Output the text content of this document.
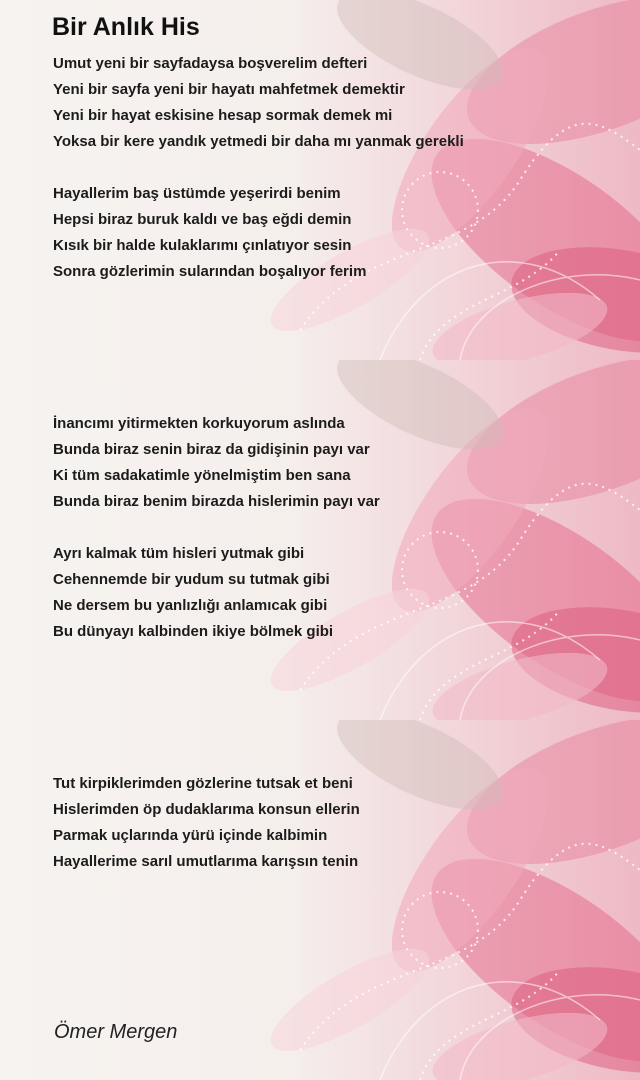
Bir Anlık His
Umut yeni bir sayfadaysa boşverelim defteri
Yeni bir sayfa yeni bir hayatı mahfetmek demektir
Yeni bir hayat eskisine hesap sormak demek mi
Yoksa bir kere yandık yetmedi bir daha mı yanmak gerekli
Hayallerim baş üstümde yeşerirdi benim
Hepsi biraz buruk kaldı ve baş eğdi demin
Kısık bir halde kulaklarımı çınlatıyor sesin
Sonra gözlerimin sularından boşalıyor ferim
İnancımı yitirmekten korkuyorum aslında
Bunda biraz senin biraz da gidişinin payı var
Ki tüm sadakatimle yönelmiştim ben sana
Bunda biraz benim birazda hislerimin payı var
Ayrı kalmak tüm hisleri yutmak gibi
Cehennemde bir yudum su tutmak gibi
Ne dersem bu yanlızlığı anlamıcak gibi
Bu dünyayı kalbinden ikiye bölmek gibi
Tut kirpiklerimden gözlerine tutsak et beni
Hislerimden öp dudaklarıma konsun ellerin
Parmak uçlarında yürü içinde kalbimin
Hayallerime sarıl umutlarıma karışsın tenin
Ömer Mergen
